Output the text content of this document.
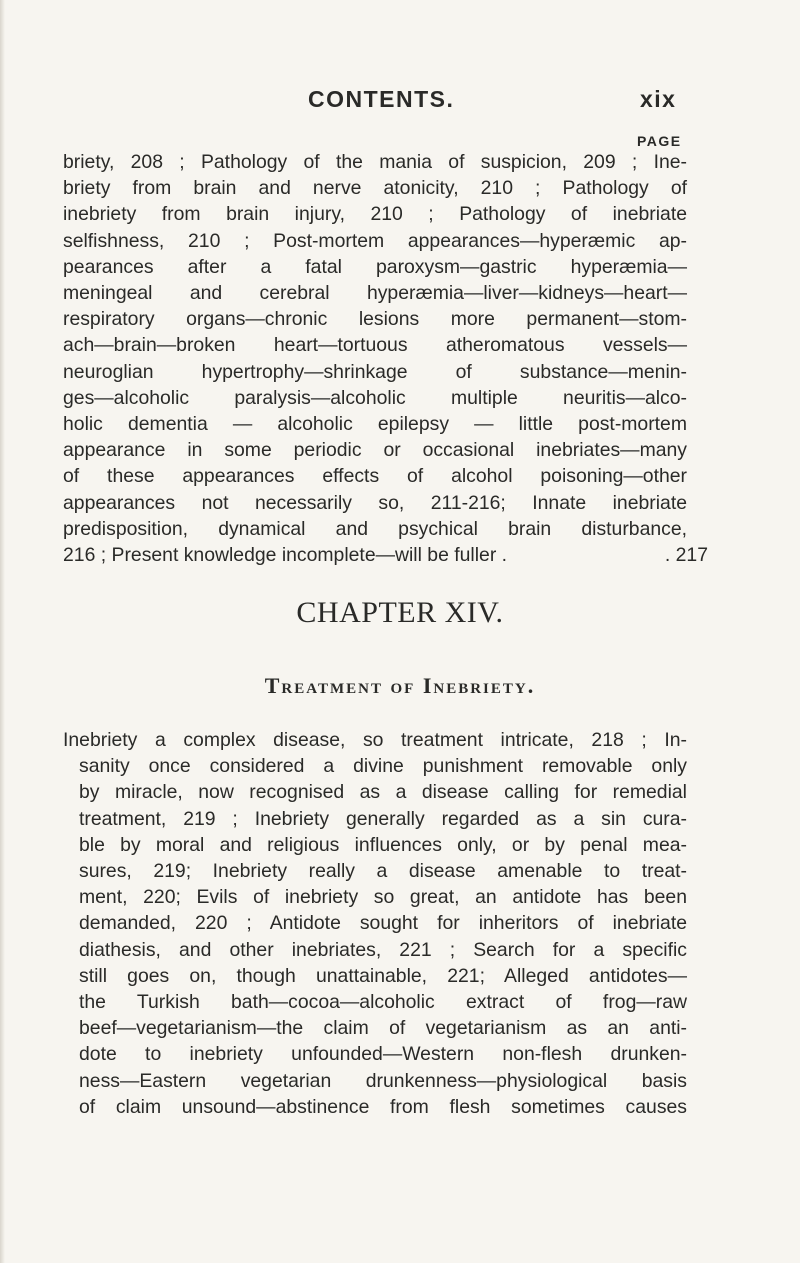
CONTENTS.	xix
PAGE
briety, 208 ; Pathology of the mania of suspicion, 209 ; Ine-
briety from brain and nerve atonicity, 210 ; Pathology of
inebriety from brain injury, 210 ; Pathology of inebriate
selfishness, 210 ; Post-mortem appearances—hyperæmic ap-
pearances after a fatal paroxysm—gastric hyperæmia—
meningeal and cerebral hyperæmia—liver—kidneys—heart—
respiratory organs—chronic lesions more permanent—stom-
ach—brain—broken heart—tortuous atheromatous vessels—
neuroglian hypertrophy—shrinkage of substance—menin-
ges—alcoholic paralysis—alcoholic multiple neuritis—alco-
holic dementia — alcoholic epilepsy — little post-mortem
appearance in some periodic or occasional inebriates—many
of these appearances effects of alcohol poisoning—other
appearances not necessarily so, 211-216; Innate inebriate
predisposition, dynamical and psychical brain disturbance,
216 ; Present knowledge incomplete—will be fuller .	. 217
CHAPTER XIV.
Treatment of Inebriety.
Inebriety a complex disease, so treatment intricate, 218 ; In-
sanity once considered a divine punishment removable only
by miracle, now recognised as a disease calling for remedial
treatment, 219 ; Inebriety generally regarded as a sin cura-
ble by moral and religious influences only, or by penal mea-
sures, 219; Inebriety really a disease amenable to treat-
ment, 220; Evils of inebriety so great, an antidote has been
demanded, 220 ; Antidote sought for inheritors of inebriate
diathesis, and other inebriates, 221 ; Search for a specific
still goes on, though unattainable, 221; Alleged antidotes—
the Turkish bath—cocoa—alcoholic extract of frog—raw
beef—vegetarianism—the claim of vegetarianism as an anti-
dote to inebriety unfounded—Western non-flesh drunken-
ness—Eastern vegetarian drunkenness—physiological basis
of claim unsound—abstinence from flesh sometimes causes
